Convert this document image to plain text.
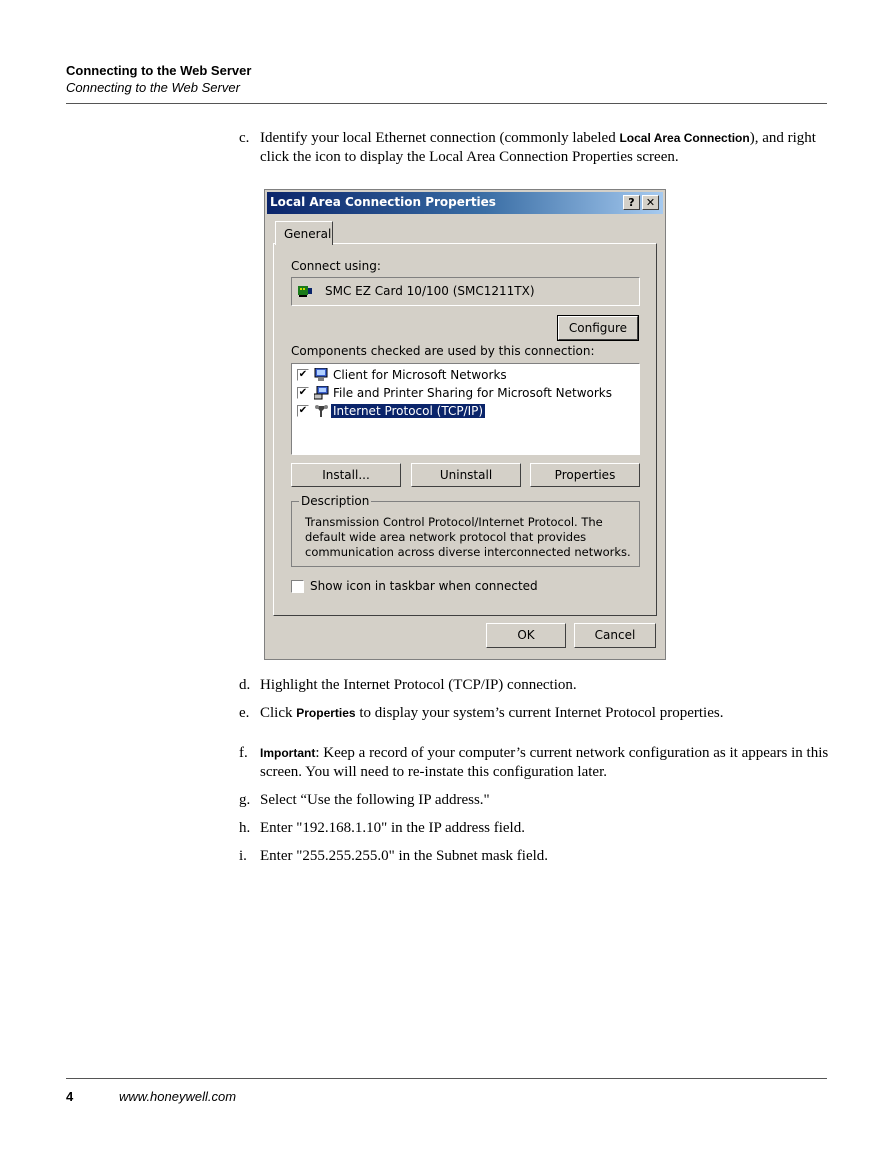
Connecting to the Web Server
Connecting to the Web Server
c. Identify your local Ethernet connection (commonly labeled Local Area Connection), and right click the icon to display the Local Area Connection Properties screen.
Local Area Connection Properties	?	✕
General
Connect using:
SMC EZ Card 10/100 (SMC1211TX)
Configure
Components checked are used by this connection:
✔ Client for Microsoft Networks
✔ File and Printer Sharing for Microsoft Networks
✔ Internet Protocol (TCP/IP)
Install...	Uninstall	Properties
Description
Transmission Control Protocol/Internet Protocol. The default wide area network protocol that provides communication across diverse interconnected networks.
Show icon in taskbar when connected
OK	Cancel
d. Highlight the Internet Protocol (TCP/IP) connection.
e. Click Properties to display your system’s current Internet Protocol properties.
f. Important: Keep a record of your computer’s current network configuration as it appears in this screen. You will need to re-instate this configuration later.
g. Select “Use the following IP address."
h. Enter "192.168.1.10" in the IP address field.
i. Enter "255.255.255.0" in the Subnet mask field.
4	www.honeywell.com
